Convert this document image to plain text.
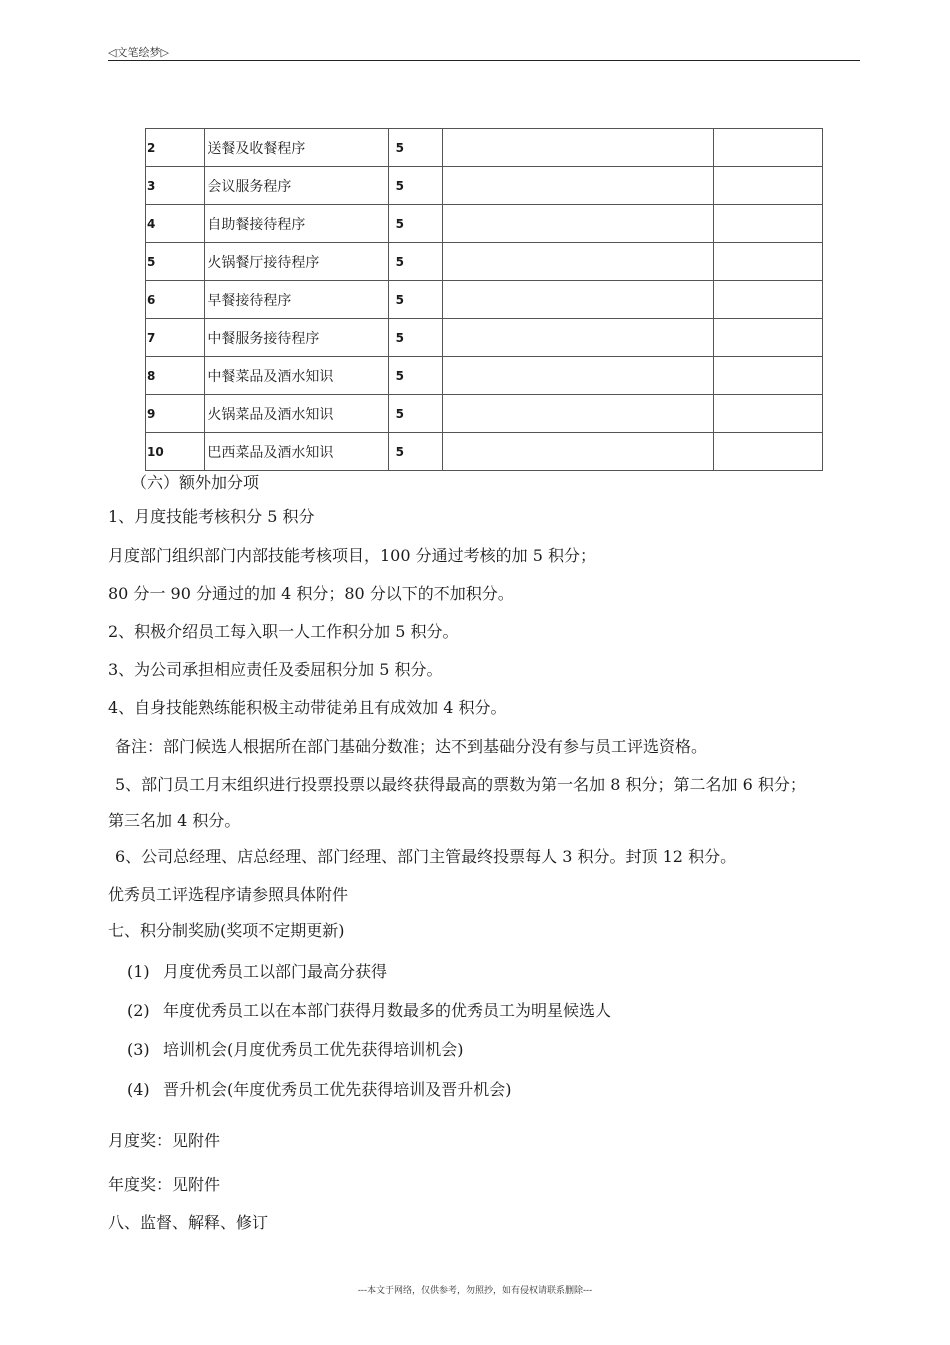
◁文笔绘梦▷
2	送餐及收餐程序	5		
3	会议服务程序	5		
4	自助餐接待程序	5		
5	火锅餐厅接待程序	5		
6	早餐接待程序	5		
7	中餐服务接待程序	5		
8	中餐菜品及酒水知识	5		
9	火锅菜品及酒水知识	5		
10	巴西菜品及酒水知识	5		
（六）额外加分项
1、月度技能考核积分 5 积分
月度部门组织部门内部技能考核项目，100 分通过考核的加 5 积分；
80 分一 90 分通过的加 4 积分；80 分以下的不加积分。
2、积极介绍员工每入职一人工作积分加 5 积分。
3、为公司承担相应责任及委屈积分加 5 积分。
4、自身技能熟练能积极主动带徒弟且有成效加 4 积分。
备注：部门候选人根据所在部门基础分数准；达不到基础分没有参与员工评选资格。
5、部门员工月末组织进行投票投票以最终获得最高的票数为第一名加 8 积分；第二名加 6 积分；
第三名加 4 积分。
6、公司总经理、店总经理、部门经理、部门主管最终投票每人 3 积分。封顶 12 积分。
优秀员工评选程序请参照具体附件
七、积分制奖励(奖项不定期更新)
(1) 月度优秀员工以部门最高分获得
(2) 年度优秀员工以在本部门获得月数最多的优秀员工为明星候选人
(3) 培训机会(月度优秀员工优先获得培训机会)
(4) 晋升机会(年度优秀员工优先获得培训及晋升机会)
月度奖：见附件
年度奖：见附件
八、监督、解释、修订
---本文于网络，仅供参考，勿照抄，如有侵权请联系删除---
